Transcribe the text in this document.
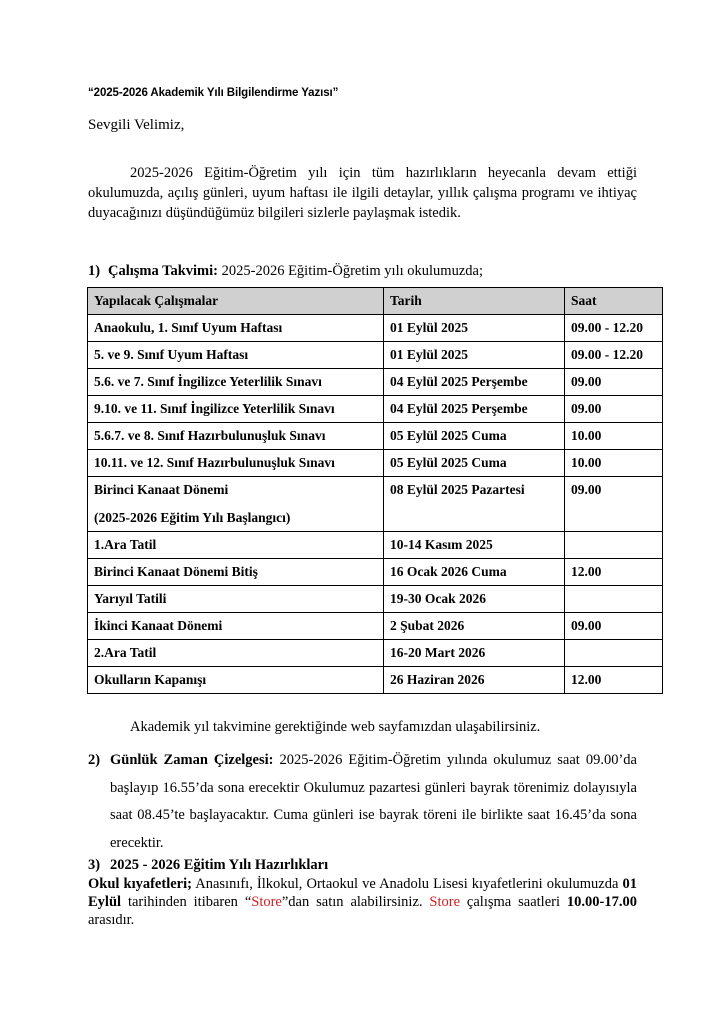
“2025-2026 Akademik Yılı Bilgilendirme Yazısı”
Sevgili Velimiz,
2025-2026 Eğitim-Öğretim yılı için tüm hazırlıkların heyecanla devam ettiği okulumuzda, açılış günleri, uyum haftası ile ilgili detaylar, yıllık çalışma programı ve ihtiyaç duyacağınızı düşündüğümüz bilgileri sizlerle paylaşmak istedik.
1) Çalışma Takvimi: 2025-2026 Eğitim-Öğretim yılı okulumuzda;
Yapılacak Çalışmalar	Tarih	Saat
Anaokulu, 1. Sınıf Uyum Haftası	01 Eylül 2025	09.00 - 12.20
5. ve 9. Sınıf Uyum Haftası	01 Eylül 2025	09.00 - 12.20
5.6. ve 7. Sınıf İngilizce Yeterlilik Sınavı	04 Eylül 2025 Perşembe	09.00
9.10. ve 11. Sınıf İngilizce Yeterlilik Sınavı	04 Eylül 2025 Perşembe	09.00
5.6.7. ve 8. Sınıf Hazırbulunuşluk Sınavı	05 Eylül 2025 Cuma	10.00
10.11. ve 12. Sınıf Hazırbulunuşluk Sınavı	05 Eylül 2025 Cuma	10.00
Birinci Kanaat Dönemi
(2025-2026 Eğitim Yılı Başlangıcı)	08 Eylül 2025 Pazartesi	09.00
1.Ara Tatil	10-14 Kasım 2025	
Birinci Kanaat Dönemi Bitiş	16 Ocak 2026 Cuma	12.00
Yarıyıl Tatili	19-30 Ocak 2026	
İkinci Kanaat Dönemi	2 Şubat 2026	09.00
2.Ara Tatil	16-20 Mart 2026	
Okulların Kapanışı	26 Haziran 2026	12.00
Akademik yıl takvimine gerektiğinde web sayfamızdan ulaşabilirsiniz.
2) Günlük Zaman Çizelgesi: 2025-2026 Eğitim-Öğretim yılında okulumuz saat 09.00’da başlayıp 16.55’da sona erecektir Okulumuz pazartesi günleri bayrak törenimiz dolayısıyla saat 08.45’te başlayacaktır. Cuma günleri ise bayrak töreni ile birlikte saat 16.45’da sona erecektir.
3) 2025 - 2026 Eğitim Yılı Hazırlıkları
Okul kıyafetleri; Anasınıfı, İlkokul, Ortaokul ve Anadolu Lisesi kıyafetlerini okulumuzda 01 Eylül tarihinden itibaren “Store”dan satın alabilirsiniz. Store çalışma saatleri 10.00-17.00 arasıdır.
